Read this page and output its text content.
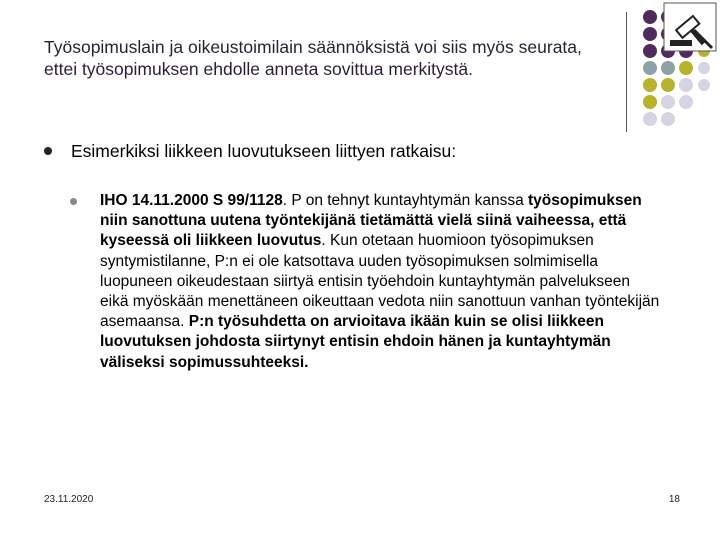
Työsopimuslain ja oikeustoimilain säännöksistä voi siis myös seurata, ettei työsopimuksen ehdolle anneta sovittua merkitystä.
Esimerkiksi liikkeen luovutukseen liittyen ratkaisu:
IHO 14.11.2000 S 99/1128. P on tehnyt kuntayhtymän kanssa työsopimuksen niin sanottuna uutena työntekijänä tietämättä vielä siinä vaiheessa, että kyseessä oli liikkeen luovutus. Kun otetaan huomioon työsopimuksen syntymistilanne, P:n ei ole katsottava uuden työsopimuksen solmimisella luopuneen oikeudestaan siirtyä entisin työehdoin kuntayhtymän palvelukseen eikä myöskään menettäneen oikeuttaan vedota niin sanottuun vanhan työntekijän asemaansa. P:n työsuhdetta on arvioitava ikään kuin se olisi liikkeen luovutuksen johdosta siirtynyt entisin ehdoin hänen ja kuntayhtymän väliseksi sopimussuhteeksi.
23.11.2020	18
